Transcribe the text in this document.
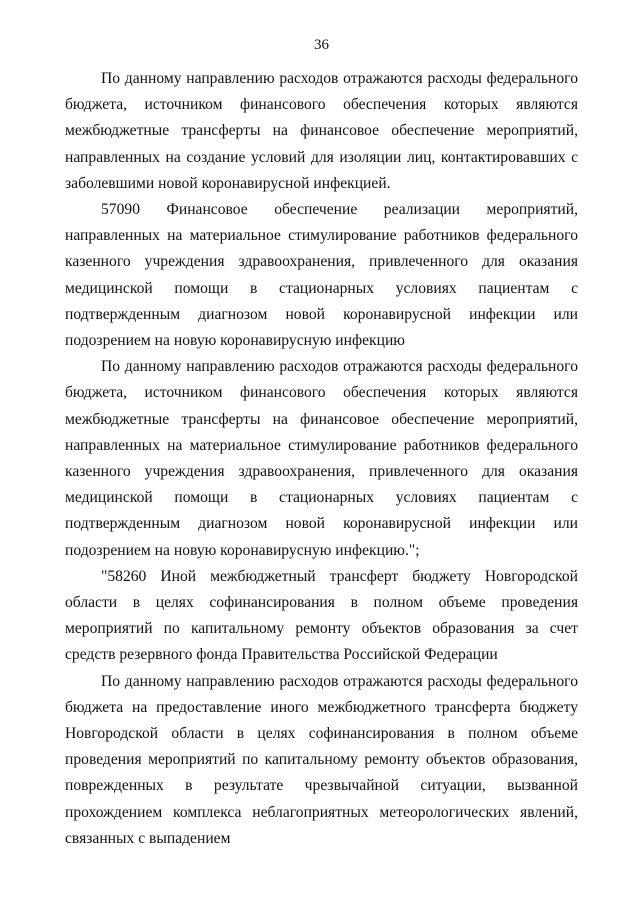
36

По данному направлению расходов отражаются расходы федерального бюджета, источником финансового обеспечения которых являются межбюджетные трансферты на финансовое обеспечение мероприятий, направленных на создание условий для изоляции лиц, контактировавших с заболевшими новой коронавирусной инфекцией.

57090 Финансовое обеспечение реализации мероприятий, направленных на материальное стимулирование работников федерального казенного учреждения здравоохранения, привлеченного для оказания медицинской помощи в стационарных условиях пациентам с подтвержденным диагнозом новой коронавирусной инфекции или подозрением на новую коронавирусную инфекцию

По данному направлению расходов отражаются расходы федерального бюджета, источником финансового обеспечения которых являются межбюджетные трансферты на финансовое обеспечение мероприятий, направленных на материальное стимулирование работников федерального казенного учреждения здравоохранения, привлеченного для оказания медицинской помощи в стационарных условиях пациентам с подтвержденным диагнозом новой коронавирусной инфекции или подозрением на новую коронавирусную инфекцию.";

"58260 Иной межбюджетный трансферт бюджету Новгородской области в целях софинансирования в полном объеме проведения мероприятий по капитальному ремонту объектов образования за счет средств резервного фонда Правительства Российской Федерации

По данному направлению расходов отражаются расходы федерального бюджета на предоставление иного межбюджетного трансферта бюджету Новгородской области в целях софинансирования в полном объеме проведения мероприятий по капитальному ремонту объектов образования, поврежденных в результате чрезвычайной ситуации, вызванной прохождением комплекса неблагоприятных метеорологических явлений, связанных с выпадением
